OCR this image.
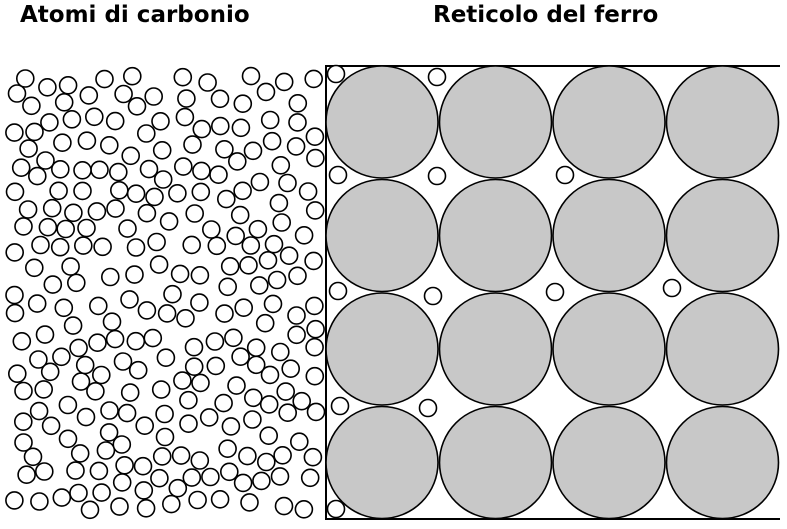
Atomi di carbonio	Reticolo del ferro
